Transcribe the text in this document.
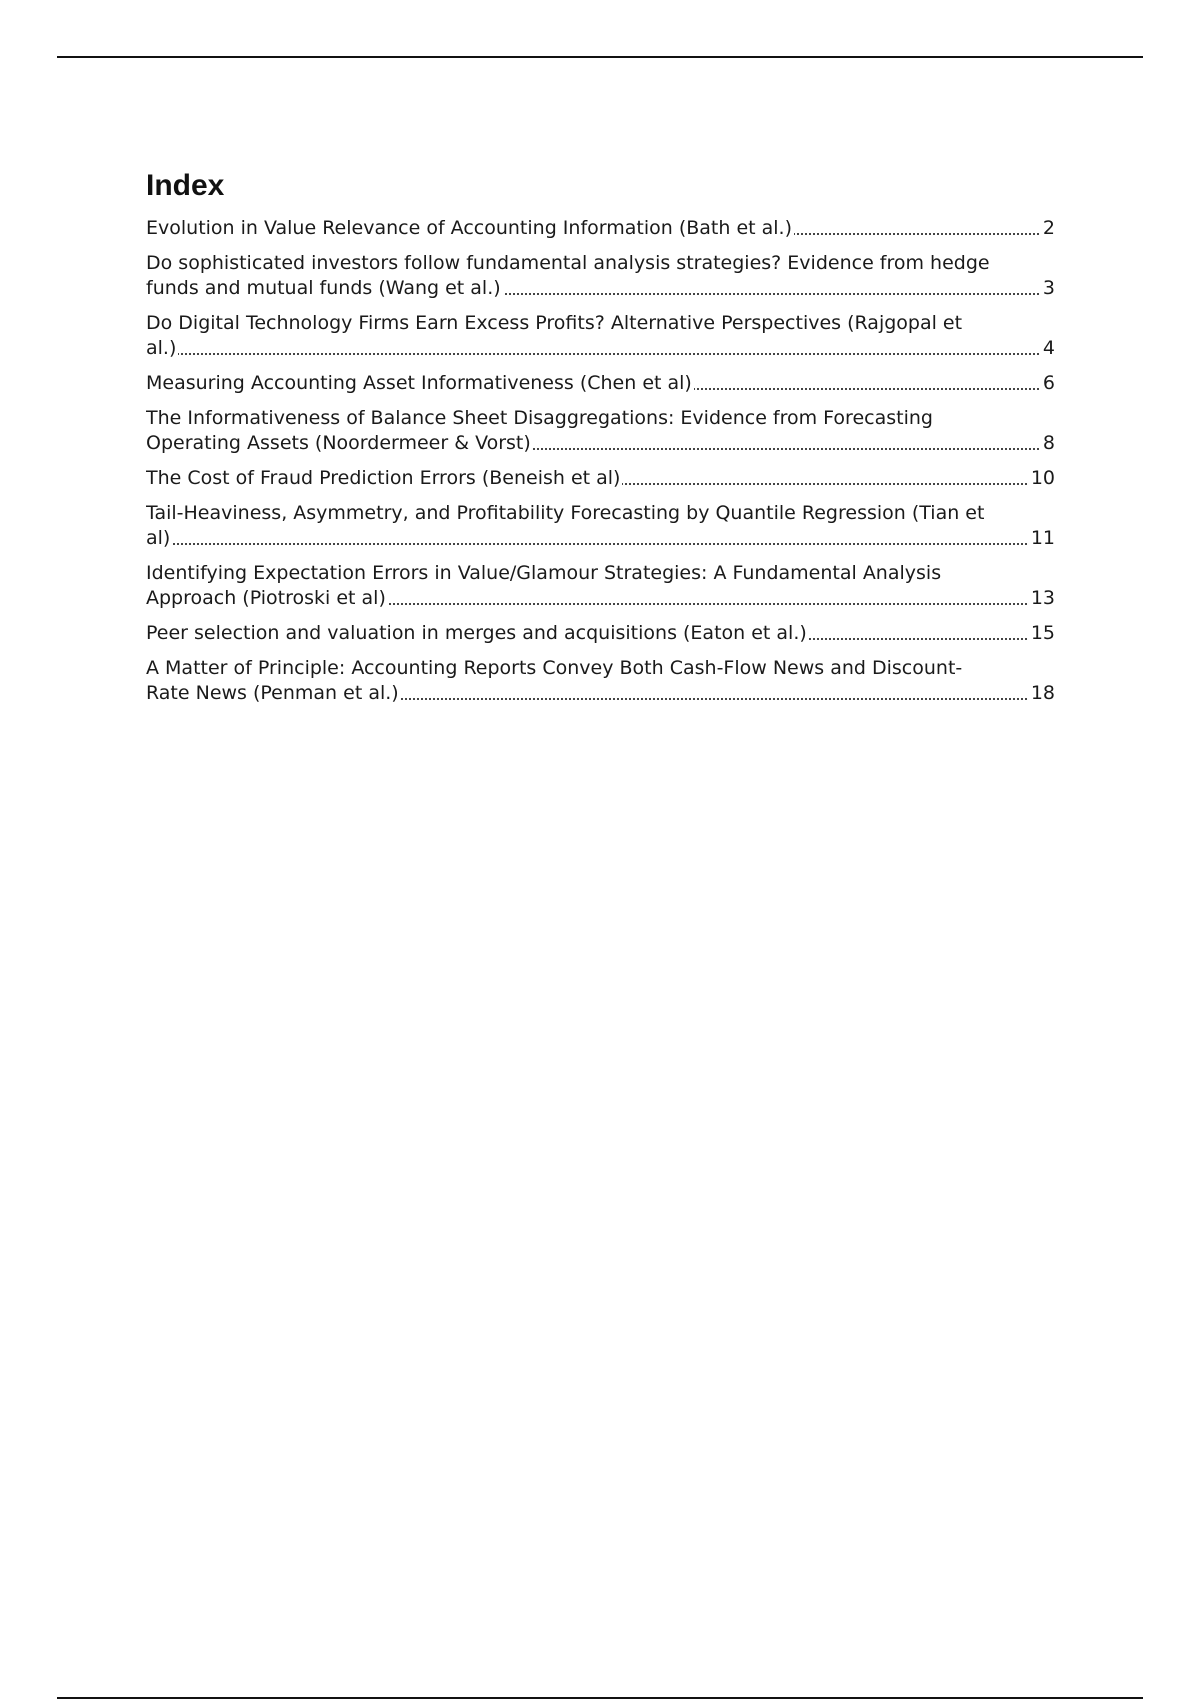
Index
Evolution in Value Relevance of Accounting Information (Bath et al.)	2
Do sophisticated investors follow fundamental analysis strategies? Evidence from hedge
funds and mutual funds (Wang et al.)	3
Do Digital Technology Firms Earn Excess Profits? Alternative Perspectives (Rajgopal et
al.)	4
Measuring Accounting Asset Informativeness (Chen et al)	6
The Informativeness of Balance Sheet Disaggregations: Evidence from Forecasting
Operating Assets (Noordermeer & Vorst)	8
The Cost of Fraud Prediction Errors (Beneish et al)	10
Tail-Heaviness, Asymmetry, and Profitability Forecasting by Quantile Regression (Tian et
al)	11
Identifying Expectation Errors in Value/Glamour Strategies: A Fundamental Analysis
Approach (Piotroski et al)	13
Peer selection and valuation in merges and acquisitions (Eaton et al.)	15
A Matter of Principle: Accounting Reports Convey Both Cash-Flow News and Discount-
Rate News (Penman et al.)	18
